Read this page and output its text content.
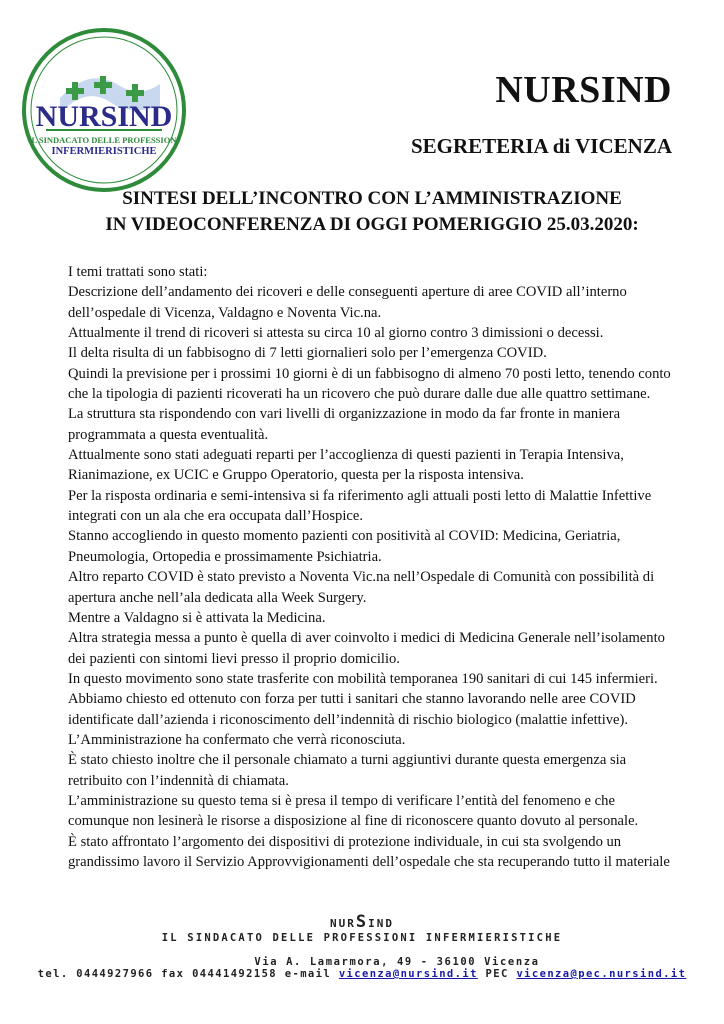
NURSIND
IL SINDACATO DELLE PROFESSIONI
INFERMIERISTICHE
NURSIND
SEGRETERIA di VICENZA
SINTESI DELL’INCONTRO CON L’AMMINISTRAZIONE
IN VIDEOCONFERENZA DI OGGI POMERIGGIO 25.03.2020:

I temi trattati sono stati:

Descrizione dell’andamento dei ricoveri e delle conseguenti aperture di aree COVID all’interno

dell’ospedale di Vicenza, Valdagno e Noventa Vic.na.

Attualmente il trend di ricoveri si attesta su circa 10 al giorno contro 3 dimissioni o decessi.

Il delta risulta di un fabbisogno di 7 letti giornalieri solo per l’emergenza COVID.

Quindi la previsione per i prossimi 10 giorni è di un fabbisogno di almeno 70 posti letto, tenendo conto

che la tipologia di pazienti ricoverati ha un ricovero che può durare dalle due alle quattro settimane.

La struttura sta rispondendo con vari livelli di organizzazione in modo da far fronte in maniera

programmata a questa eventualità.

Attualmente sono stati adeguati reparti per l’accoglienza di questi pazienti in Terapia Intensiva,

Rianimazione, ex UCIC e Gruppo Operatorio, questa per la risposta intensiva.

Per la risposta ordinaria e semi-intensiva si fa riferimento agli attuali posti letto di Malattie Infettive

integrati con un ala che era occupata dall’Hospice.

Stanno accogliendo in questo momento pazienti con positività al COVID: Medicina, Geriatria,

Pneumologia, Ortopedia e prossimamente Psichiatria.

Altro reparto COVID è stato previsto a Noventa Vic.na nell’Ospedale di Comunità con possibilità di

apertura anche nell’ala dedicata alla Week Surgery.

Mentre a Valdagno si è attivata la Medicina.

Altra strategia messa a punto è quella di aver coinvolto i medici di Medicina Generale nell’isolamento

dei pazienti con sintomi lievi presso il proprio domicilio.

In questo movimento sono state trasferite con mobilità temporanea 190 sanitari di cui 145 infermieri.

Abbiamo chiesto ed ottenuto con forza per tutti i sanitari che stanno lavorando nelle aree COVID

identificate dall’azienda i riconoscimento dell’indennità di rischio biologico (malattie infettive).

L’Amministrazione ha confermato che verrà riconosciuta.

È stato chiesto inoltre che il personale chiamato a turni aggiuntivi durante questa emergenza sia

retribuito con l’indennità di chiamata.

L’amministrazione su questo tema si è presa il tempo di verificare l’entità del fenomeno e che

comunque non lesinerà le risorse a disposizione al fine di riconoscere quanto dovuto al personale.

È stato affrontato l’argomento dei dispositivi di protezione individuale, in cui sta svolgendo un

grandissimo lavoro il Servizio Approvvigionamenti dell’ospedale che sta recuperando tutto il materiale

NURSIND
IL SINDACATO DELLE PROFESSIONI INFERMIERISTICHE
Via A. Lamarmora, 49 - 36100 Vicenza
tel. 0444927966 fax 04441492158 e-mail vicenza@nursind.it PEC vicenza@pec.nursind.it
